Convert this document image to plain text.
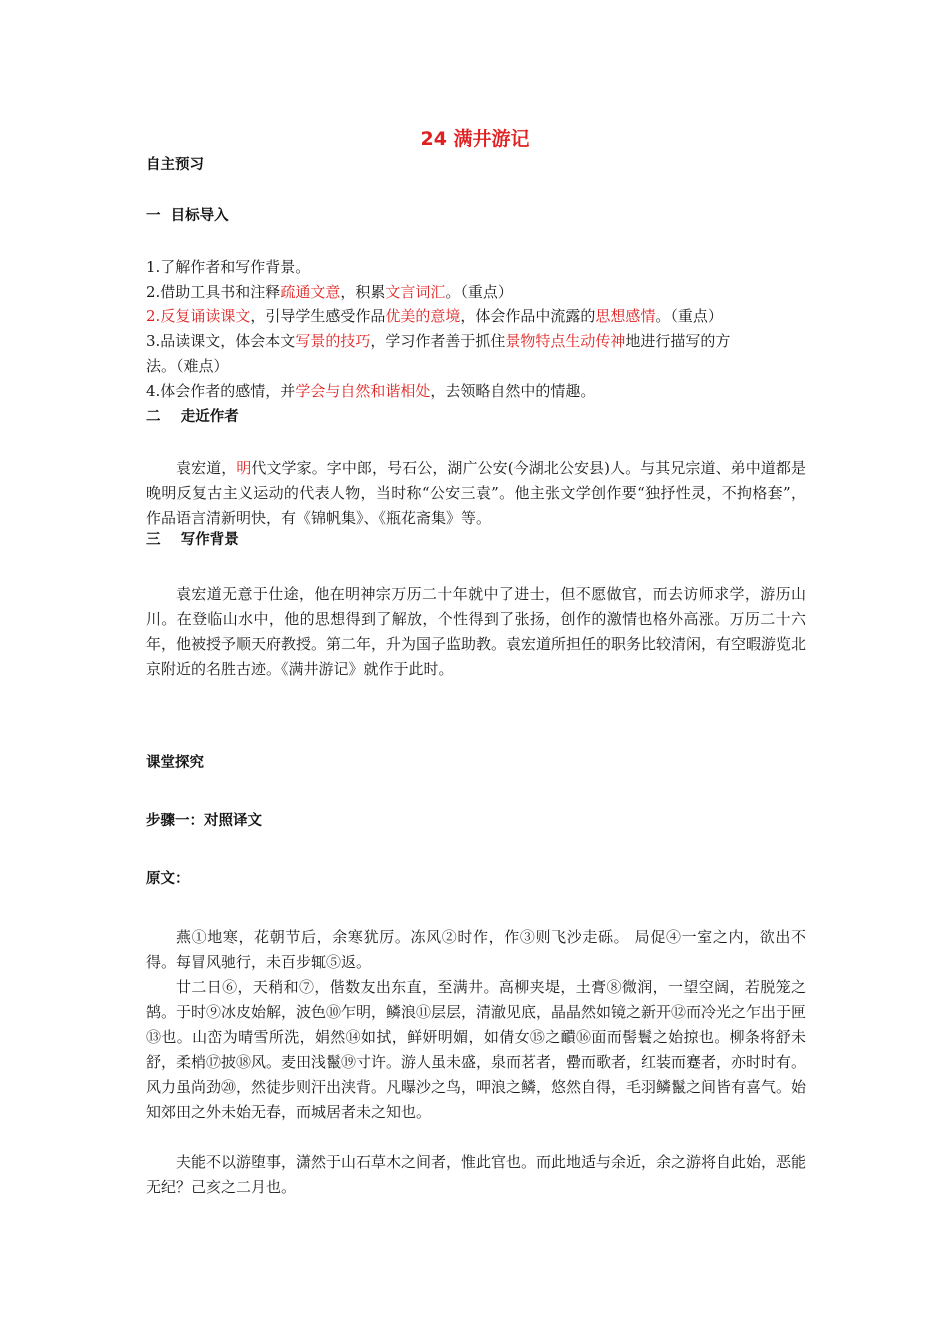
24 满井游记
自主预习
一  目标导入
1.了解作者和写作背景。
2.借助工具书和注释疏通文意，积累文言词汇。（重点）
2.反复诵读课文，引导学生感受作品优美的意境，体会作品中流露的思想感情。（重点）
3.品读课文，体会本文写景的技巧，学习作者善于抓住景物特点生动传神地进行描写的方
法。（难点）
4.体会作者的感情，并学会与自然和谐相处，去领略自然中的情趣。
二    走近作者
袁宏道，明代文学家。字中郎，号石公，湖广公安(今湖北公安县)人。与其兄宗道、弟中道都是晚明反复古主义运动的代表人物，当时称“公安三袁”。他主张文学创作要“独抒性灵，不拘格套”，作品语言清新明快，有《锦帆集》、《瓶花斋集》等。
三    写作背景
袁宏道无意于仕途，他在明神宗万历二十年就中了进士，但不愿做官，而去访师求学，游历山川。在登临山水中，他的思想得到了解放，个性得到了张扬，创作的激情也格外高涨。万历二十六年，他被授予顺天府教授。第二年，升为国子监助教。袁宏道所担任的职务比较清闲，有空暇游览北京附近的名胜古迹。《满井游记》就作于此时。
课堂探究
步骤一：对照译文
原文：
燕①地寒，花朝节后，余寒犹厉。冻风②时作，作③则飞沙走砾。 局促④一室之内，欲出不得。每冒风驰行，未百步辄⑤返。
廿二日⑥，天稍和⑦，偕数友出东直，至满井。高柳夹堤，土膏⑧微润，一望空阔，若脱笼之鹄。于时⑨冰皮始解，波色⑩乍明，鳞浪⑪层层，清澈见底，晶晶然如镜之新开⑫而冷光之乍出于匣⑬也。山峦为晴雪所洗，娟然⑭如拭，鲜妍明媚，如倩女⑮之靧⑯面而髻鬟之始掠也。柳条将舒未舒，柔梢⑰披⑱风。麦田浅鬣⑲寸许。游人虽未盛，泉而茗者，罍而歌者，红装而蹇者，亦时时有。风力虽尚劲⑳，然徒步则汗出浃背。凡曝沙之鸟，呷浪之鳞，悠然自得，毛羽鳞鬣之间皆有喜气。始知郊田之外未始无春，而城居者未之知也。
夫能不以游堕事，潇然于山石草木之间者，惟此官也。而此地适与余近，余之游将自此始，恶能无纪？己亥之二月也。
